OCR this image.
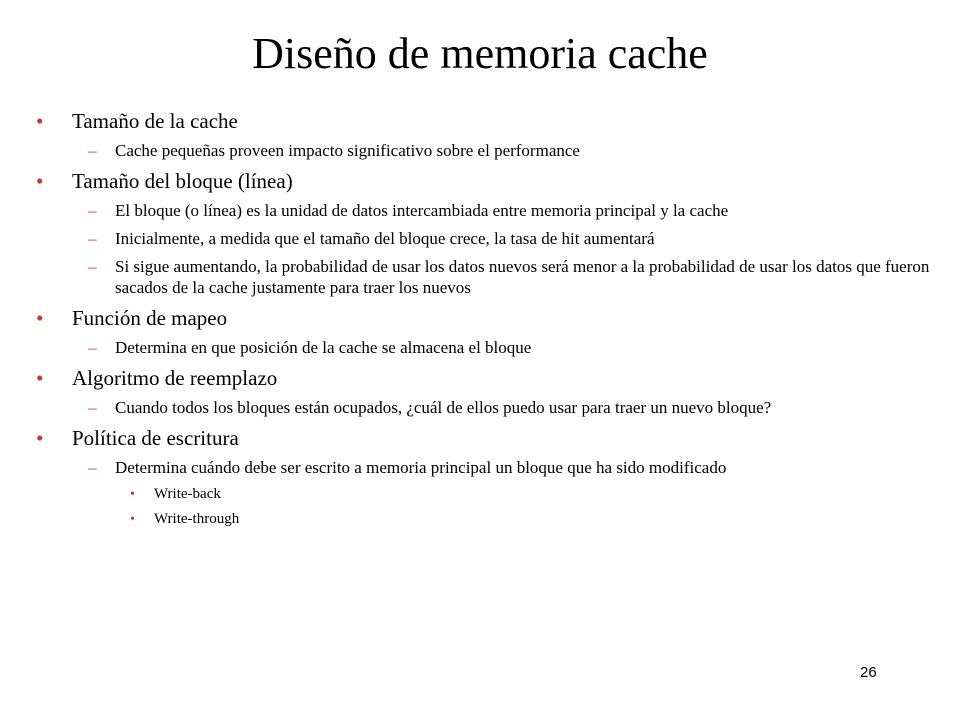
Diseño de memoria cache
• Tamaño de la cache
– Cache pequeñas proveen impacto significativo sobre el performance
• Tamaño del bloque (línea)
– El bloque (o línea) es la unidad de datos intercambiada entre memoria principal y la cache
– Inicialmente, a medida que el tamaño del bloque crece, la tasa de hit aumentará
– Si sigue aumentando, la probabilidad de usar los datos nuevos será menor a la probabilidad de usar los datos que fueron sacados de la cache justamente para traer los nuevos
• Función de mapeo
– Determina en que posición de la cache se almacena el bloque
• Algoritmo de reemplazo
– Cuando todos los bloques están ocupados, ¿cuál de ellos puedo usar para traer un nuevo bloque?
• Política de escritura
– Determina cuándo debe ser escrito a memoria principal un bloque que ha sido modificado
• Write-back
• Write-through
26
